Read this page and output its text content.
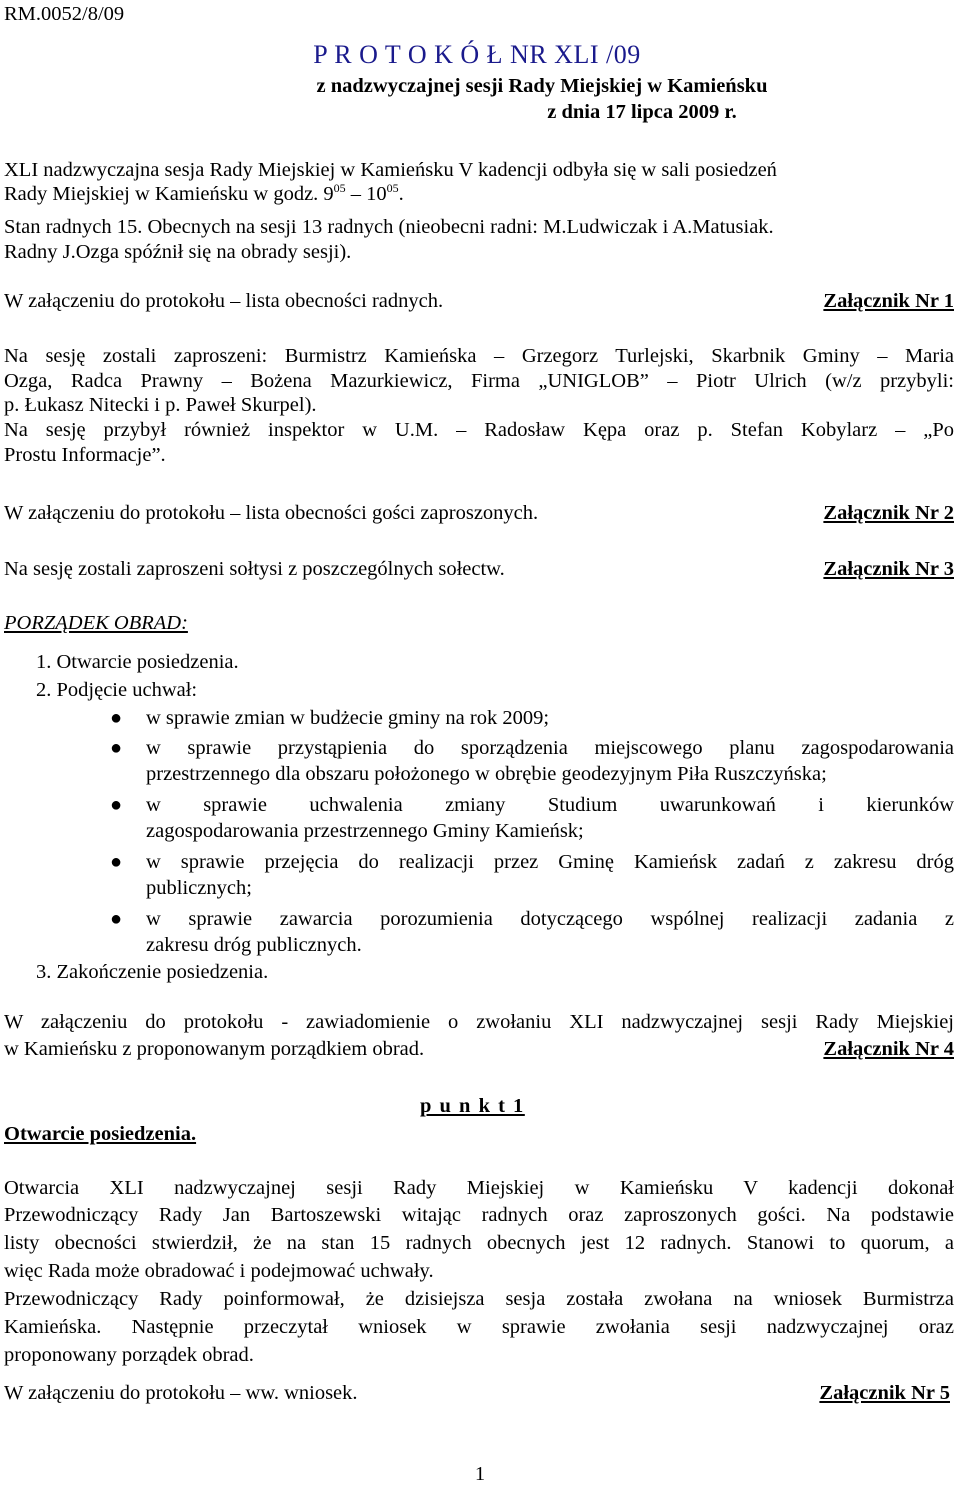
RM.0052/8/09
P R O T O K Ó Ł NR XLI /09
z nadzwyczajnej sesji Rady Miejskiej w Kamieńsku
z dnia 17 lipca 2009 r.
XLI nadzwyczajna sesja Rady Miejskiej w Kamieńsku V kadencji odbyła się w sali posiedzeń
Rady Miejskiej w Kamieńsku w godz. $9^{05} - 10^{05}$.
Stan radnych 15. Obecnych na sesji 13 radnych (nieobecni radni: M.Ludwiczak i A.Matusiak.
Radny J.Ozga spóźnił się na obrady sesji).
W załączeniu do protokołu – lista obecności radnych.	Załącznik Nr 1
Na sesję zostali zaproszeni: Burmistrz Kamieńska – Grzegorz Turlejski, Skarbnik Gminy – Maria
Ozga, Radca Prawny – Bożena Mazurkiewicz, Firma „UNIGLOB” – Piotr Ulrich (w/z przybyli:
p. Łukasz Nitecki i p. Paweł Skurpel).
Na sesję przybył również inspektor w U.M. – Radosław Kępa oraz p. Stefan Kobylarz – „Po
Prostu Informacje”.
W załączeniu do protokołu – lista obecności gości zaproszonych.	Załącznik Nr 2
Na sesję zostali zaproszeni sołtysi z poszczególnych sołectw.	Załącznik Nr 3
PORZĄDEK OBRAD:
1. Otwarcie posiedzenia.
2. Podjęcie uchwał:
● w sprawie zmian w budżecie gminy na rok 2009;
● w sprawie przystąpienia do sporządzenia miejscowego planu zagospodarowania
przestrzennego dla obszaru położonego w obrębie geodezyjnym Piła Ruszczyńska;
● w sprawie uchwalenia zmiany Studium uwarunkowań i kierunków
zagospodarowania przestrzennego Gminy Kamieńsk;
● w sprawie przejęcia do realizacji przez Gminę Kamieńsk zadań z zakresu dróg
publicznych;
● w sprawie zawarcia porozumienia dotyczącego wspólnej realizacji zadania z
zakresu dróg publicznych.
3. Zakończenie posiedzenia.
W załączeniu do protokołu - zawiadomienie o zwołaniu XLI nadzwyczajnej sesji Rady Miejskiej
w Kamieńsku z proponowanym porządkiem obrad.	Załącznik Nr 4
p u n k t 1
Otwarcie posiedzenia.
Otwarcia XLI nadzwyczajnej sesji Rady Miejskiej w Kamieńsku V kadencji dokonał
Przewodniczący Rady Jan Bartoszewski witając radnych oraz zaproszonych gości. Na podstawie
listy obecności stwierdził, że na stan 15 radnych obecnych jest 12 radnych. Stanowi to quorum, a
więc Rada może obradować i podejmować uchwały.
Przewodniczący Rady poinformował, że dzisiejsza sesja została zwołana na wniosek Burmistrza
Kamieńska. Następnie przeczytał wniosek w sprawie zwołania sesji nadzwyczajnej oraz
proponowany porządek obrad.
W załączeniu do protokołu – ww. wniosek.	Załącznik Nr 5
1
